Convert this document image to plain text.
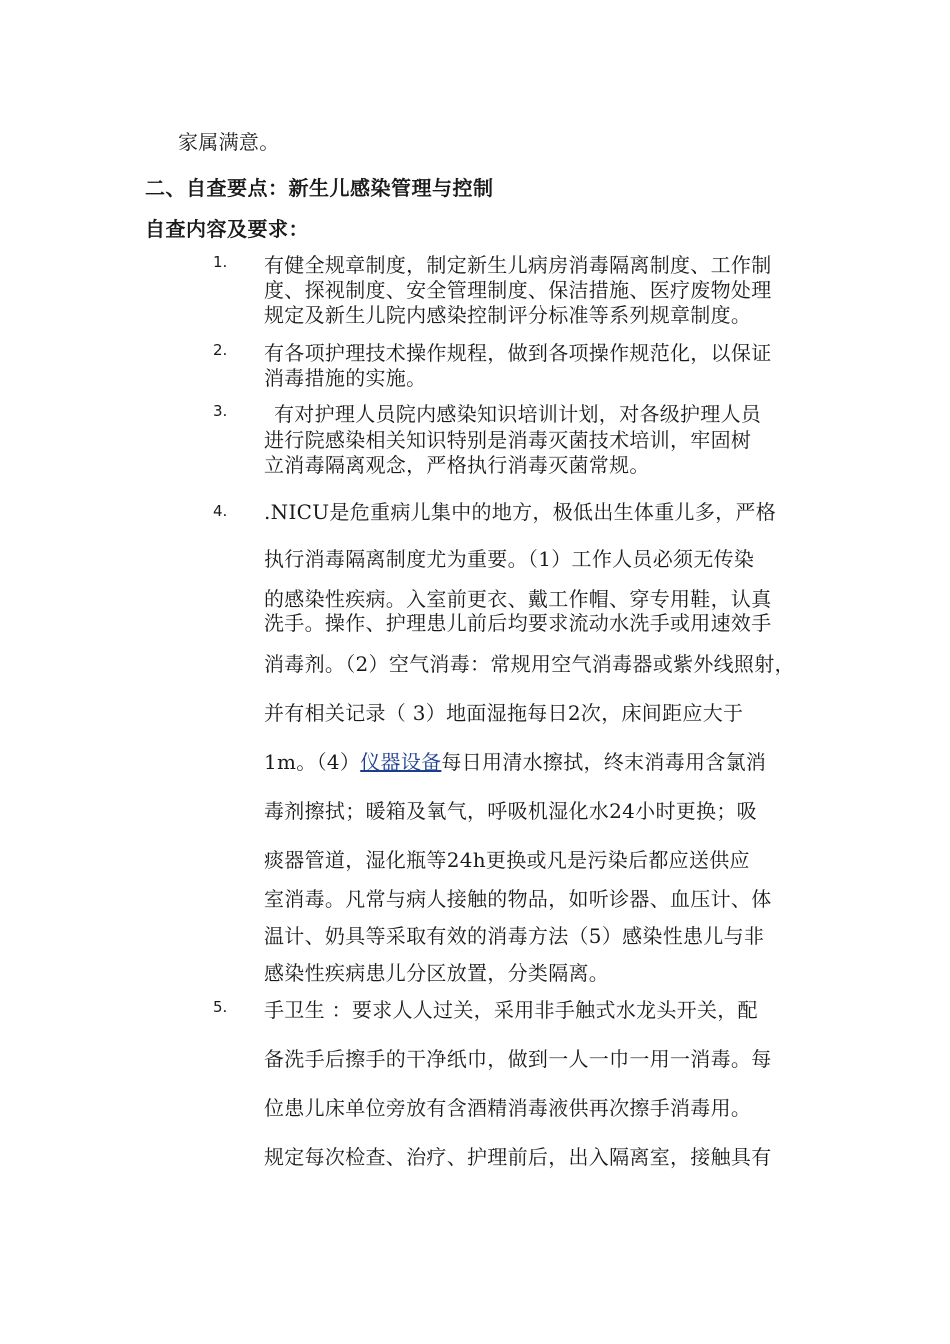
家属满意。
二、自查要点：新生儿感染管理与控制
自查内容及要求：
1. 有健全规章制度，制定新生儿病房消毒隔离制度、工作制
度、探视制度、安全管理制度、保洁措施、医疗废物处理
规定及新生儿院内感染控制评分标准等系列规章制度。
2. 有各项护理技术操作规程，做到各项操作规范化，以保证
消毒措施的实施。
3. 有对护理人员院内感染知识培训计划，对各级护理人员
进行院感染相关知识特别是消毒灭菌技术培训，牢固树
立消毒隔离观念，严格执行消毒灭菌常规。
4. .NICU是危重病儿集中的地方，极低出生体重儿多，严格
执行消毒隔离制度尤为重要。（1）工作人员必须无传染
的感染性疾病。入室前更衣、戴工作帽、穿专用鞋，认真
洗手。操作、护理患儿前后均要求流动水洗手或用速效手
消毒剂。（2）空气消毒：常规用空气消毒器或紫外线照射，
并有相关记录（ 3）地面湿拖每日2次，床间距应大于
1m。（4）仪器设备每日用清水擦拭，终末消毒用含氯消
毒剂擦拭；暖箱及氧气，呼吸机湿化水24小时更换；吸
痰器管道，湿化瓶等24h更换或凡是污染后都应送供应
室消毒。凡常与病人接触的物品，如听诊器、血压计、体
温计、奶具等采取有效的消毒方法（5）感染性患儿与非
感染性疾病患儿分区放置，分类隔离。
5. 手卫生 ：要求人人过关，采用非手触式水龙头开关，配
备洗手后擦手的干净纸巾，做到一人一巾一用一消毒。每
位患儿床单位旁放有含酒精消毒液供再次擦手消毒用。
规定每次检查、治疗、护理前后，出入隔离室，接触具有
